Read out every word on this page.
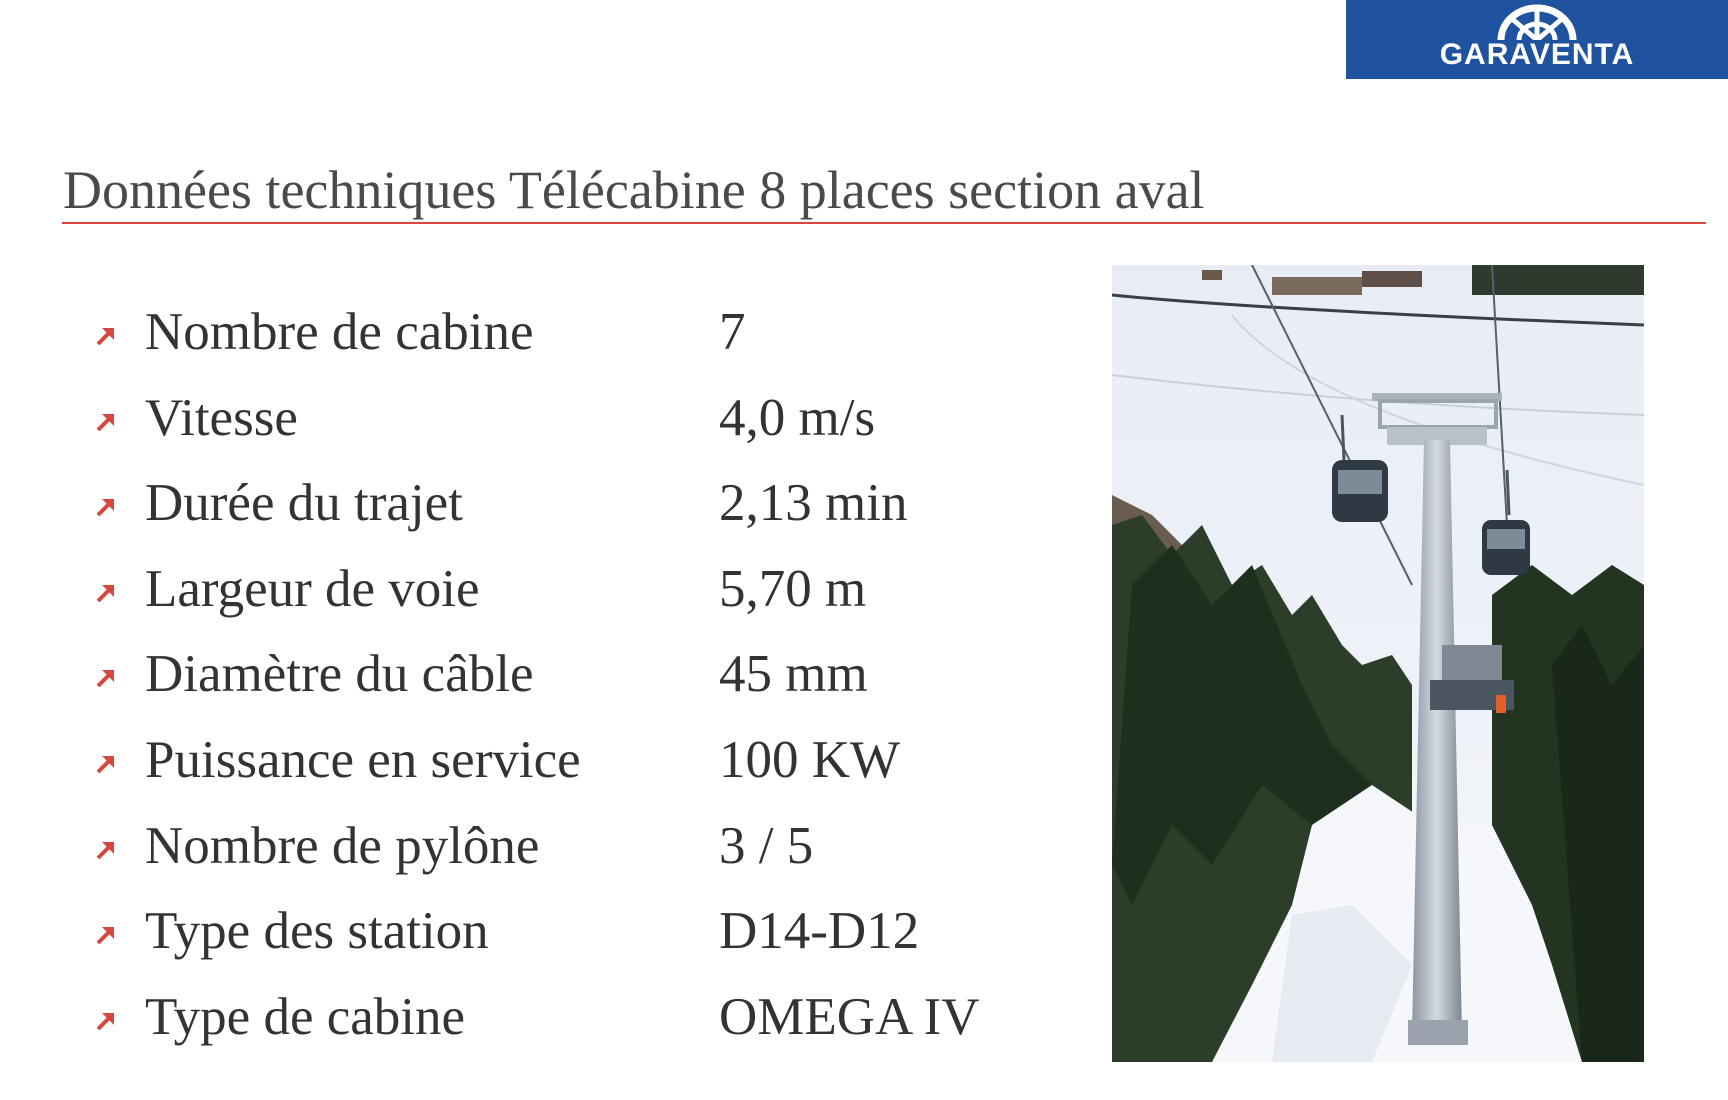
GARAVENTA
Données techniques Télécabine 8 places section aval
Nombre de cabine	7
Vitesse	4,0 m/s
Durée du trajet	2,13 min
Largeur de voie	5,70 m
Diamètre du câble	45 mm
Puissance en service	100 KW
Nombre de pylône	3 / 5
Type des station	D14-D12
Type de cabine	OMEGA IV
